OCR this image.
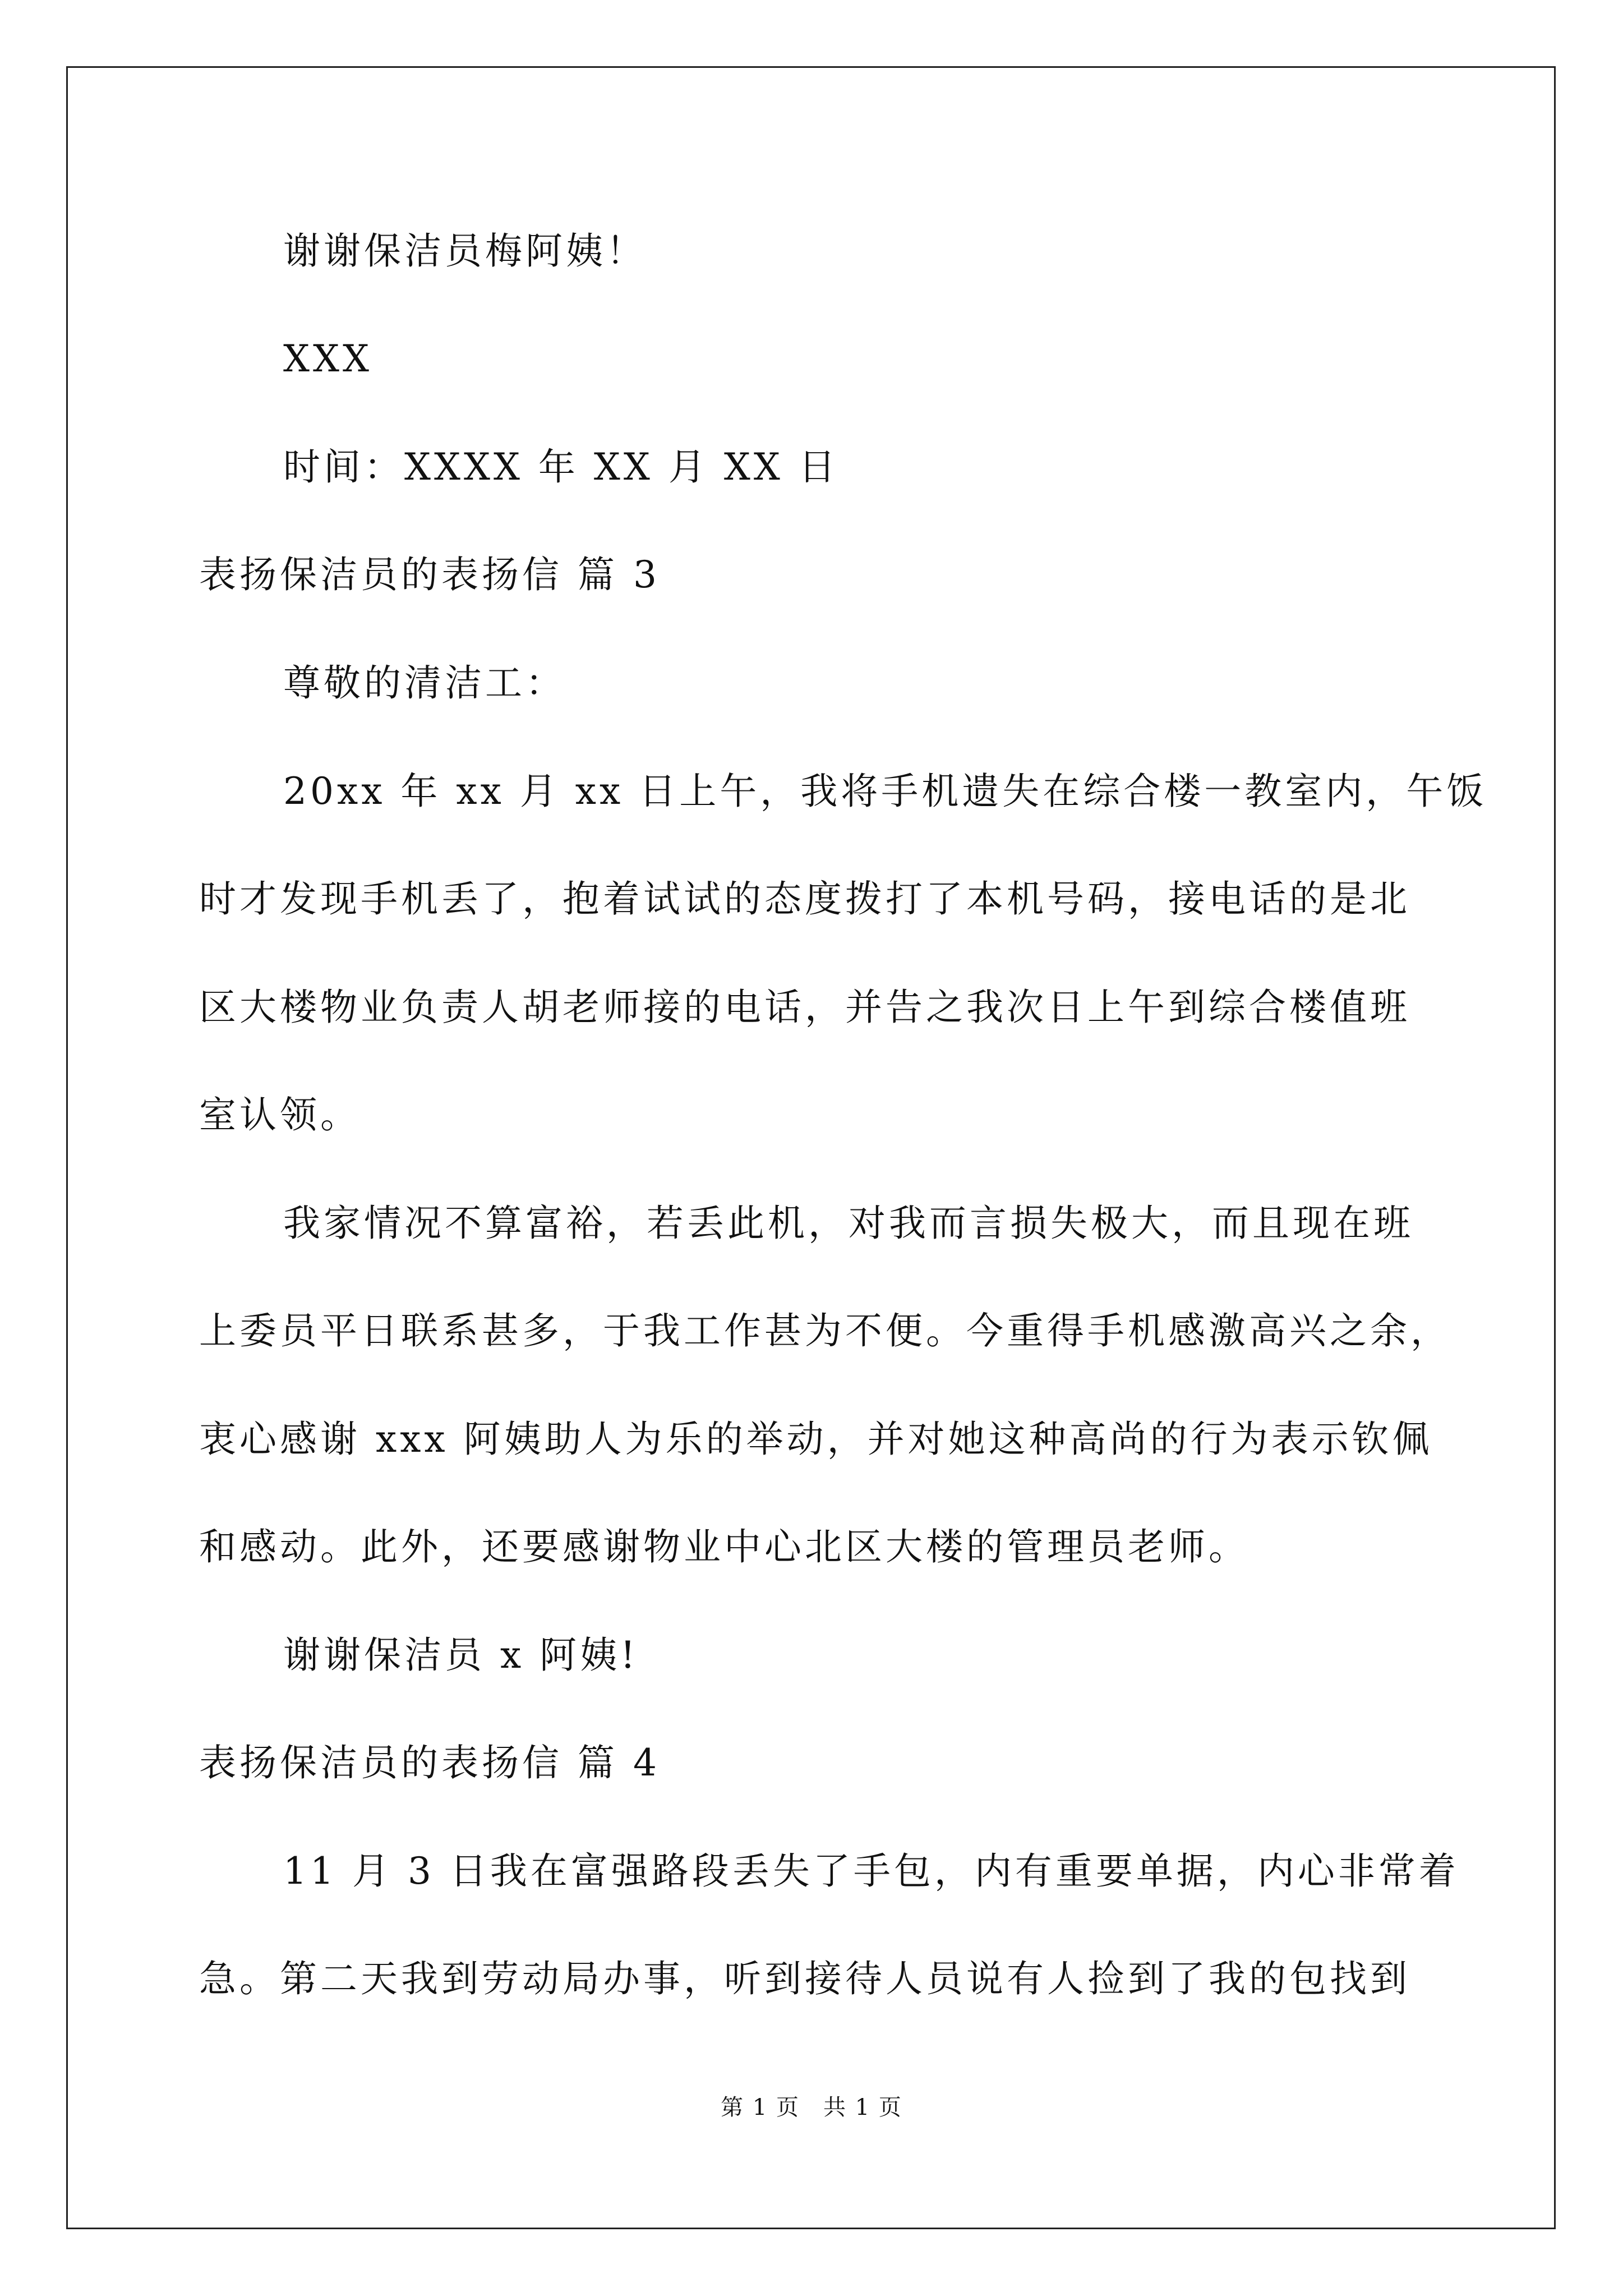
谢谢保洁员梅阿姨！
XXX
时间：XXXX 年 XX 月 XX 日
表扬保洁员的表扬信 篇 3
尊敬的清洁工：
20xx 年 xx 月 xx 日上午，我将手机遗失在综合楼一教室内，午饭
时才发现手机丢了，抱着试试的态度拨打了本机号码，接电话的是北
区大楼物业负责人胡老师接的电话，并告之我次日上午到综合楼值班
室认领。
我家情况不算富裕，若丢此机，对我而言损失极大，而且现在班
上委员平日联系甚多，于我工作甚为不便。今重得手机感激高兴之余，
衷心感谢 xxx 阿姨助人为乐的举动，并对她这种高尚的行为表示钦佩
和感动。此外，还要感谢物业中心北区大楼的管理员老师。
谢谢保洁员 x 阿姨!
表扬保洁员的表扬信 篇 4
11 月 3 日我在富强路段丢失了手包，内有重要单据，内心非常着
急。第二天我到劳动局办事，听到接待人员说有人捡到了我的包找到
第 1 页　共 1 页
